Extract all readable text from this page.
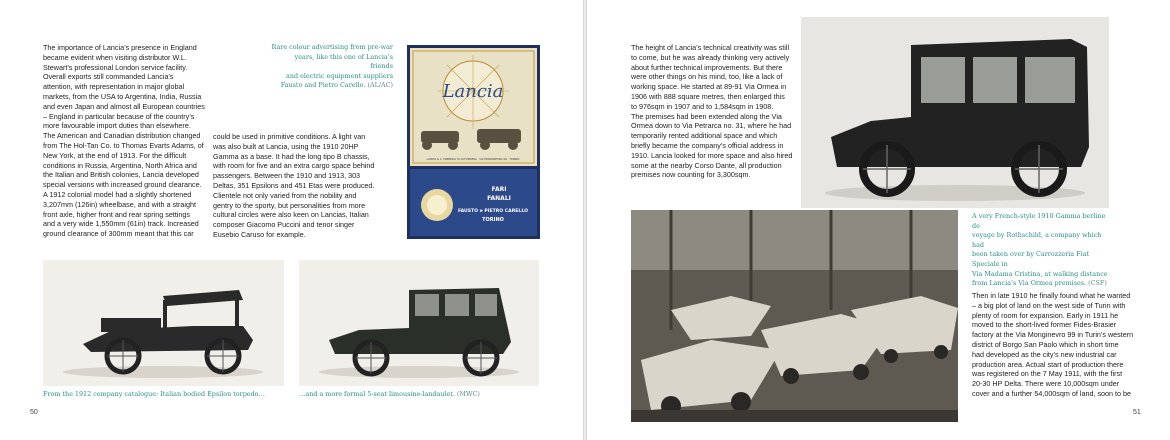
The importance of Lancia’s presence in England
became evident when visiting distributor W.L.
Stewart’s professional London service facility.
Overall exports still commanded Lancia’s
attention, with representation in major global
markets, from the USA to Argentina, India, Russia
and even Japan and almost all European countries
– England in particular because of the country’s
more favourable import duties than elsewhere.
The American and Canadian distribution changed
from The Hol-Tan Co. to Thomas Evarts Adams, of
New York, at the end of 1913. For the difficult
conditions in Russia, Argentina, North Africa and
the Italian and British colonies, Lancia developed
special versions with increased ground clearance.
A 1912 colonial model had a slightly shortened
3,207mm (126in) wheelbase, and with a straight
front axle, higher front and rear spring settings
and a very wide 1,550mm (61in) track. Increased
ground clearance of 300mm meant that this car

could be used in primitive conditions. A light van
was also built at Lancia, using the 1910 20HP
Gamma as a base. It had the long tipo B chassis,
with room for five and an extra cargo space behind
passengers. Between the 1910 and 1913, 303
Deltas, 351 Epsilons and 451 Etas were produced.
Clientele not only varied from the nobility and
gentry to the sporty, but personalities from more
cultural circles were also keen on Lancias, Italian
composer Giacomo Puccini and tenor singer
Eusebio Caruso for example.

Rare colour advertising from pre-war
years, like this one of Lancia’s friends
and electric equipment suppliers
Fausto and Pietro Carello. (AL/AC)	Lancia
LANCIA & C. FABBRICA DI AUTOMOBILI · VIA MONGINEVRO 99 · TORINO
FARI
FANALI
FAUSTO e PIETRO CARELLO
TORINO

From the 1912 company catalogue: Italian bodied Epsilon torpedo…	…and a more formal 5-seat limousine-landaulet. (MWC)

50

The height of Lancia’s technical creativity was still
to come, but he was already thinking very actively
about further technical improvements. But there
were other things on his mind, too, like a lack of
working space. He started at 89-91 Via Ormea in
1906 with 888 square metres, then enlarged this
to 976sqm in 1907 and to 1,584sqm in 1908.
The premises had been extended along the Via
Ormea down to Via Petrarca no. 31, where he had
temporarily rented additional space and which
briefly became the company’s official address in
1910. Lancia looked for more space and also hired
some at the nearby Corso Dante, all production
premises now counting for 3,300sqm.

A very French-style 1910 Gamma berline de
voyage by Rothschild, a company which had
been taken over by Carrozzeria Fiat Speciale in
Via Madama Cristina, at walking distance
from Lancia’s Via Ormea premises. (CSF)

Then in late 1910 he finally found what he wanted
– a big plot of land on the west side of Turin with
plenty of room for expansion. Early in 1911 he
moved to the short-lived former Fides-Brasier
factory at the Via Monginevro 99 in Turin’s western
district of Borgo San Paolo which in short time
had developed as the city’s new industrial car
production area. Actual start of production there
was registered on the 7 May 1911, with the first
20-30 HP Delta. There were 10,000sqm under
cover and a further 54,000sqm of land, soon to be

51
